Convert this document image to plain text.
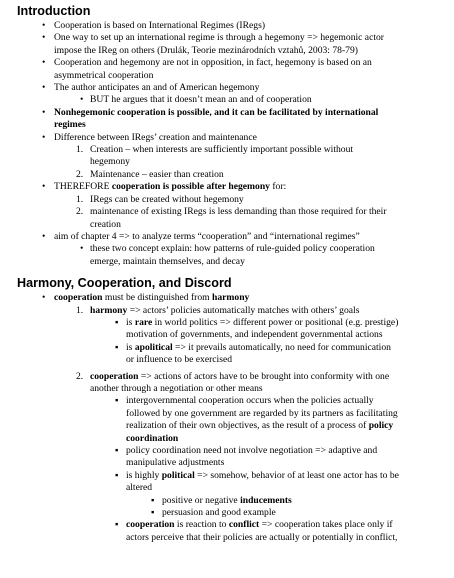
Introduction
• Cooperation is based on International Regimes (IRegs)
• One way to set up an international regime is through a hegemony => hegemonic actor
impose the IReg on others (Drulák, Teorie mezinárodních vztahů, 2003: 78-79)
• Cooperation and hegemony are not in opposition, in fact, hegemony is based on an
asymmetrical cooperation
• The author anticipates an and of American hegemony
• BUT he argues that it doesn’t mean an and of cooperation
• Nonhegemonic cooperation is possible, and it can be facilitated by international
regimes
• Difference between IRegs’ creation and maintenance
1. Creation – when interests are sufficiently important possible without
hegemony
2. Maintenance – easier than creation
• THEREFORE cooperation is possible after hegemony for:
1. IRegs can be created without hegemony
2. maintenance of existing IRegs is less demanding than those required for their
creation
• aim of chapter 4 => to analyze terms “cooperation” and “international regimes”
• these two concept explain: how patterns of rule-guided policy cooperation
emerge, maintain themselves, and decay
Harmony, Cooperation, and Discord
• cooperation must be distinguished from harmony
1. harmony => actors’ policies automatically matches with others’ goals
▪ is rare in world politics => different power or positional (e.g. prestige)
motivation of governments, and independent governmental actions
▪ is apolitical => it prevails automatically, no need for communication
or influence to be exercised
2. cooperation => actions of actors have to be brought into conformity with one
another through a negotiation or other means
▪ intergovernmental cooperation occurs when the policies actually
followed by one government are regarded by its partners as facilitating
realization of their own objectives, as the result of a process of policy
coordination
▪ policy coordination need not involve negotiation => adaptive and
manipulative adjustments
▪ is highly political => somehow, behavior of at least one actor has to be
altered
▪ positive or negative inducements
▪ persuasion and good example
▪ cooperation is reaction to conflict => cooperation takes place only if
actors perceive that their policies are actually or potentially in conflict,
